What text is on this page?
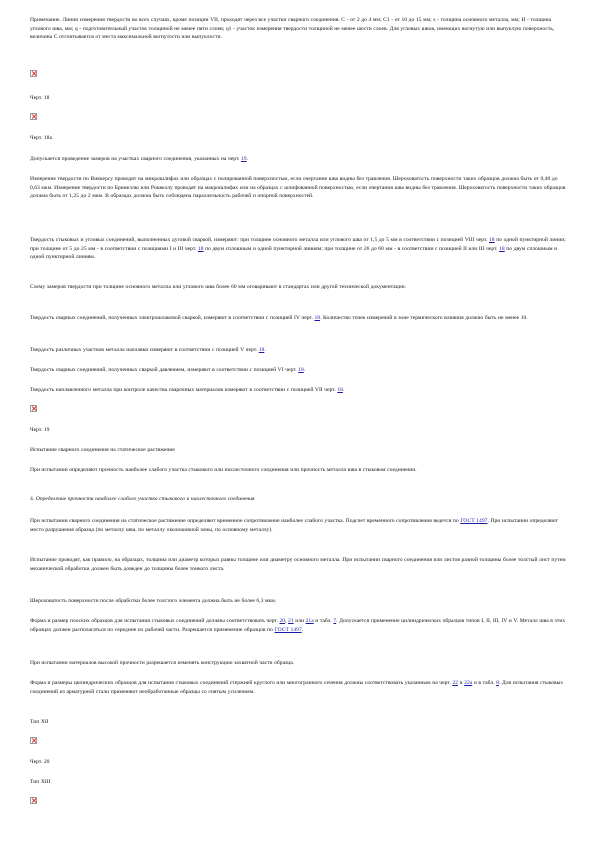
Примечание. Линии измерения твердости во всех случаях, кроме позиции VII, проходят через все участки сварного соединения. С - от 2 до 4 мм; С1 - от 10 до 15 мм; s - толщина основного металла, мм; H - толщина углового шва, мм; q - подготовительный участок толщиной не менее пяти слоев; q1 - участок измерения твердости толщиной не менее шести слоев. Для угловых швов, имеющих вогнутую или выпуклую поверхность, величина С отсчитывается от места максимальной вогнутости или выпуклости.

×

Черт. 18

×

Черт. 18а

Допускается проведение замеров на участках сварного соединения, указанных на черт. 19.

Измерение твердости по Виккерсу проводят на микрошлифах или образцах с полированной поверхностью, если очертание шва видны без травления. Шероховатость поверхности таких образцов должна быть от 0,40 до 0,63 мкм. Измерение твердости по Бринеллю или Роквеллу проводят на макрошлифах или на образцах с шлифованной поверхностью, если очертания шва видны без травления. Шероховатость поверхности таких образцов должна быть от 1,25 до 2 мкм. В образцах должна быть соблюдена параллельность рабочей и опорной поверхностей.

Твердость стыковых и угловых соединений, выполненных дуговой сваркой, измеряют: при толщине основного металла или углового шва от 1,5 до 5 мм в соответствии с позицией VIII черт. 18 по одной пунктирной линии; при толщине от 5 до 25 мм - в соответствии с позициями I и III черт. 18 по двум сплошным и одной пунктирной линиям; при толщине от 26 до 60 мм - в соответствии с позицией II или III черт. 18 по двум сплошным и одной пунктирной линиям.

Схему замеров твердости при толщине основного металла или углового шва более 60 мм оговаривают в стандартах или другой технической документации.

Твердость сварных соединений, полученных электрошлаковой сваркой, измеряют в соответствии с позицией IV черт. 18. Количество точек измерений в зоне термического влияния должно быть не менее 10.

Твердость различных участков металла наплавки измеряют в соответствии с позицией V черт. 18.

Твердость сварных соединений, полученных сваркой давлением, измеряют в соответствии с позицией VI черт. 18.

Твердость наплавленного металла при контроле качества сварочных материалов измеряют в соответствии с позицией VII черт. 18.

×

Черт. 19

Испытание сварного соединения на статическое растяжение

При испытании определяют прочность наиболее слабого участка стыкового или нахлесточного соединения или прочность металла шва в стыковом соединении.

4. Определение прочности наиболее слабого участка стыкового и нахлесточного соединения

При испытании сварного соединения на статическое растяжение определяют временное сопротивление наиболее слабого участка. Подсчет временного сопротивления ведется по ГОСТ 1497. При испытании определяют место разрушения образца (по металлу шва, по металлу околошовной зоны, по основному металлу).

Испытание проводят, как правило, на образцах, толщина или диаметр которых равны толщине или диаметру основного металла. При испытании сварного соединения или листов разной толщины более толстый лист путем механической обработки должен быть доведен до толщины более тонкого листа.

Шероховатость поверхности после обработки более толстого элемента должна быть не более 6,3 мкм.

Форма и размер плоских образцов для испытания стыковых соединений должны соответствовать черт. 20, 21 или 21а и табл. 7. Допускается применение цилиндрических образцов типов I, II, III, IV и V. Металл шва в этих образцах должен располагаться по середине их рабочей части. Разрешается применение образцов по ГОСТ 1497.

При испытании материалов высокой прочности разрешается изменять конструкцию захватной части образца.

Форма и размеры цилиндрических образцов для испытания стыковых соединений стержней круглого или многогранного сечения должны соответствовать указанным на черт. 22 и 22а и в табл. 8. Для испытания стыковых соединений из арматурной стали применяют необработанные образцы со снятым усилением.

Тип XII

×

Черт. 20

Тип XIII

×
